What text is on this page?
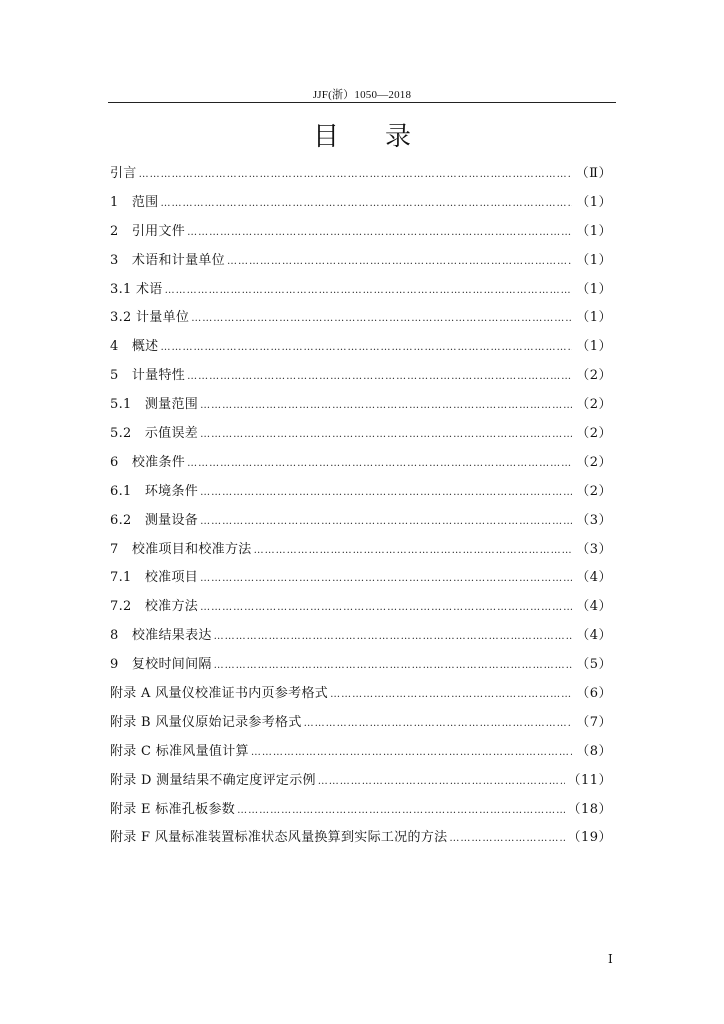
JJF(浙）1050—2018
目录
引言 ……………………………………………………………………………………………………………………………………………………………………………………	（Ⅱ）
1　范围 ……………………………………………………………………………………………………………………………………………………………………………………	（1）
2　引用文件 ……………………………………………………………………………………………………………………………………………………………………………………	（1）
3　术语和计量单位 ……………………………………………………………………………………………………………………………………………………………………………………	（1）
3.1 术语 ……………………………………………………………………………………………………………………………………………………………………………………	（1）
3.2 计量单位 ……………………………………………………………………………………………………………………………………………………………………………………	（1）
4　概述 ……………………………………………………………………………………………………………………………………………………………………………………	（1）
5　计量特性 ……………………………………………………………………………………………………………………………………………………………………………………	（2）
5.1　测量范围 ……………………………………………………………………………………………………………………………………………………………………………………	（2）
5.2　示值误差 ……………………………………………………………………………………………………………………………………………………………………………………	（2）
6　校准条件 ……………………………………………………………………………………………………………………………………………………………………………………	（2）
6.1　环境条件 ……………………………………………………………………………………………………………………………………………………………………………………	（2）
6.2　测量设备 ……………………………………………………………………………………………………………………………………………………………………………………	（3）
7　校准项目和校准方法 ……………………………………………………………………………………………………………………………………………………………………………………	（3）
7.1　校准项目 ……………………………………………………………………………………………………………………………………………………………………………………	（4）
7.2　校准方法 ……………………………………………………………………………………………………………………………………………………………………………………	（4）
8　校准结果表达 ……………………………………………………………………………………………………………………………………………………………………………………	（4）
9　复校时间间隔 ……………………………………………………………………………………………………………………………………………………………………………………	（5）
附录 A 风量仪校准证书内页参考格式 ……………………………………………………………………………………………………………………………………………………………………………………	（6）
附录 B 风量仪原始记录参考格式 ……………………………………………………………………………………………………………………………………………………………………………………	（7）
附录 C 标准风量值计算 ……………………………………………………………………………………………………………………………………………………………………………………	（8）
附录 D 测量结果不确定度评定示例 ……………………………………………………………………………………………………………………………………………………………………………………	（11）
附录 E 标准孔板参数 ……………………………………………………………………………………………………………………………………………………………………………………	（18）
附录 F 风量标准装置标准状态风量换算到实际工况的方法 ……………………………………………………………………………………………………………………………………………………………………………………	（19）
Ⅰ
